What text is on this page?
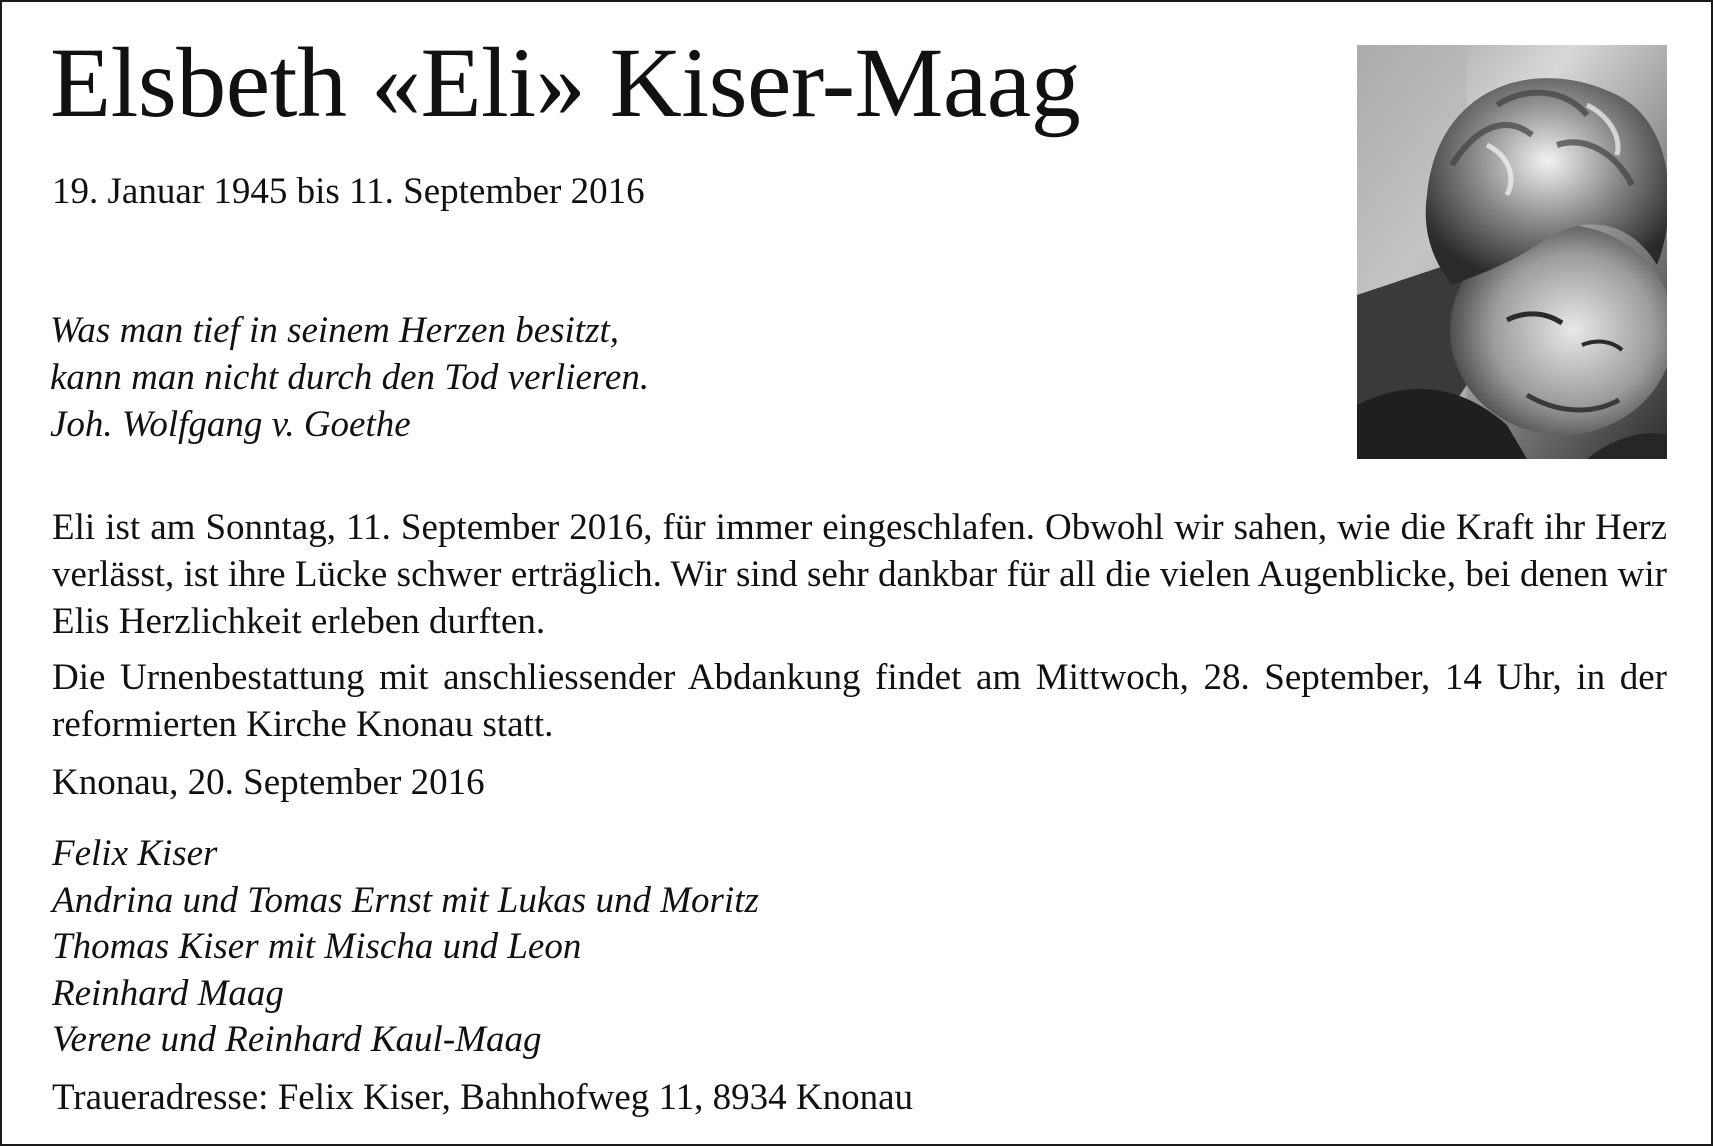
Elsbeth «Eli» Kiser-Maag
19. Januar 1945 bis 11. September 2016
Was man tief in seinem Herzen besitzt,
kann man nicht durch den Tod verlieren.
Joh. Wolfgang v. Goethe

Eli ist am Sonntag, 11. September 2016, für immer eingeschlafen. Obwohl wir sahen, wie die Kraft ihr Herz verlässt, ist ihre Lücke schwer erträglich. Wir sind sehr dankbar für all die vielen Augenblicke, bei denen wir Elis Herzlichkeit erleben durften.

Die Urnenbestattung mit anschliessender Abdankung findet am Mittwoch, 28. September, 14 Uhr, in der reformierten Kirche Knonau statt.

Knonau, 20. September 2016
Felix Kiser
Andrina und Tomas Ernst mit Lukas und Moritz
Thomas Kiser mit Mischa und Leon
Reinhard Maag
Verene und Reinhard Kaul-Maag
Traueradresse: Felix Kiser, Bahnhofweg 11, 8934 Knonau
